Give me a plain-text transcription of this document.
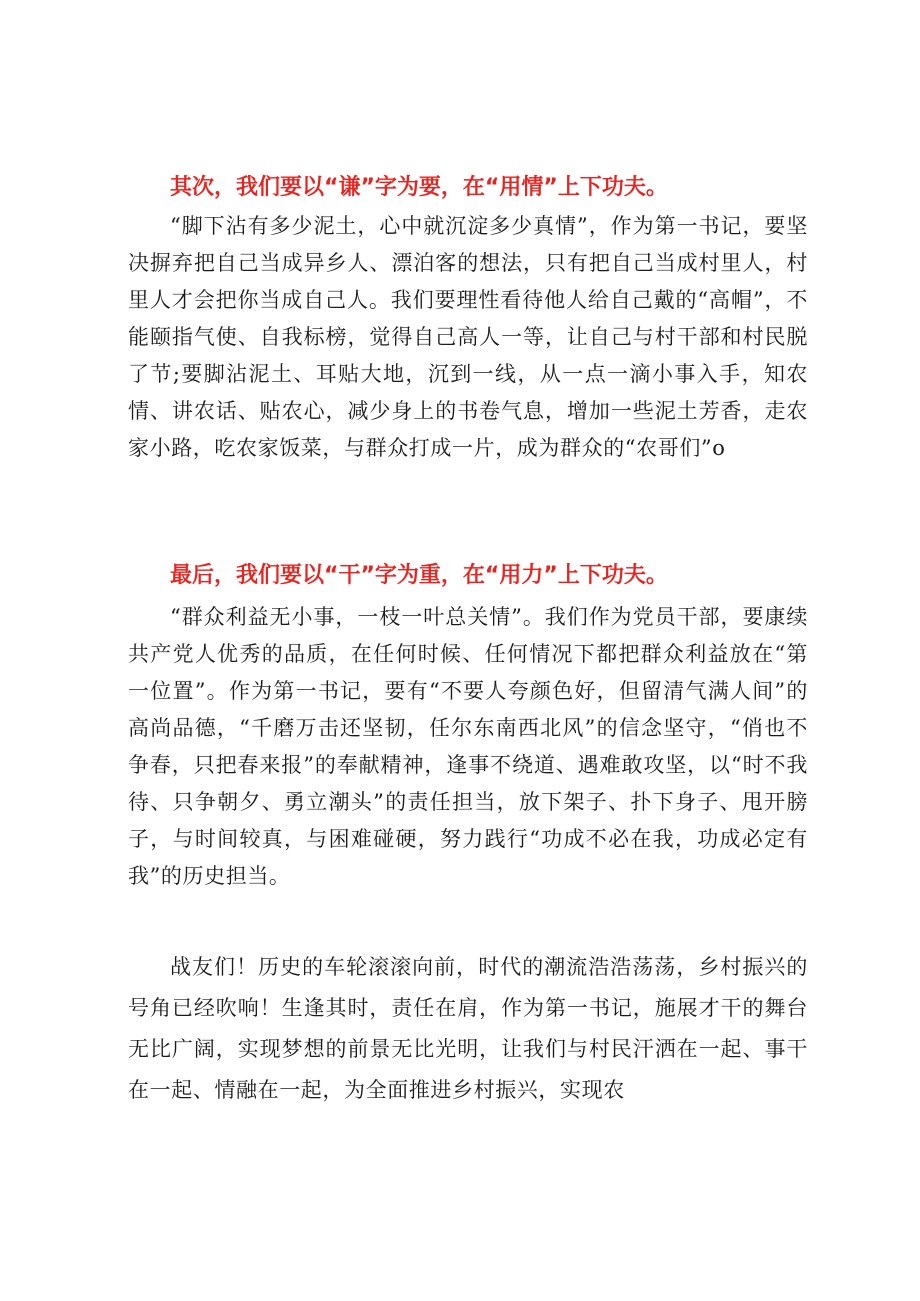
其次，我们要以“谦”字为要，在“用情”上下功夫。
“脚下沾有多少泥土，心中就沉淀多少真情”，作为第一书记，要坚决摒弃把自己当成异乡人、漂泊客的想法，只有把自己当成村里人，村里人才会把你当成自己人。我们要理性看待他人给自己戴的“高帽”，不能颐指气使、自我标榜，觉得自己高人一等，让自己与村干部和村民脱了节;要脚沾泥土、耳贴大地，沉到一线，从一点一滴小事入手，知农情、讲农话、贴农心，减少身上的书卷气息，增加一些泥土芳香，走农家小路，吃农家饭菜，与群众打成一片，成为群众的“农哥们”o
最后，我们要以“干”字为重，在“用力”上下功夫。
“群众利益无小事，一枝一叶总关情”。我们作为党员干部，要康续共产党人优秀的品质，在任何时候、任何情况下都把群众利益放在“第一位置”。作为第一书记，要有“不要人夸颜色好，但留清气满人间”的高尚品德，“千磨万击还坚韧，任尔东南西北风”的信念坚守，“俏也不争春，只把春来报”的奉献精神，逢事不绕道、遇难敢攻坚，以“时不我待、只争朝夕、勇立潮头”的责任担当，放下架子、扑下身子、甩开膀子，与时间较真，与困难碰硬，努力践行“功成不必在我，功成必定有我”的历史担当。
战友们！历史的车轮滚滚向前，时代的潮流浩浩荡荡，乡村振兴的号角已经吹响！生逢其时，责任在肩，作为第一书记，施展才干的舞台无比广阔，实现梦想的前景无比光明，让我们与村民汗洒在一起、事干在一起、情融在一起，为全面推进乡村振兴，实现农
